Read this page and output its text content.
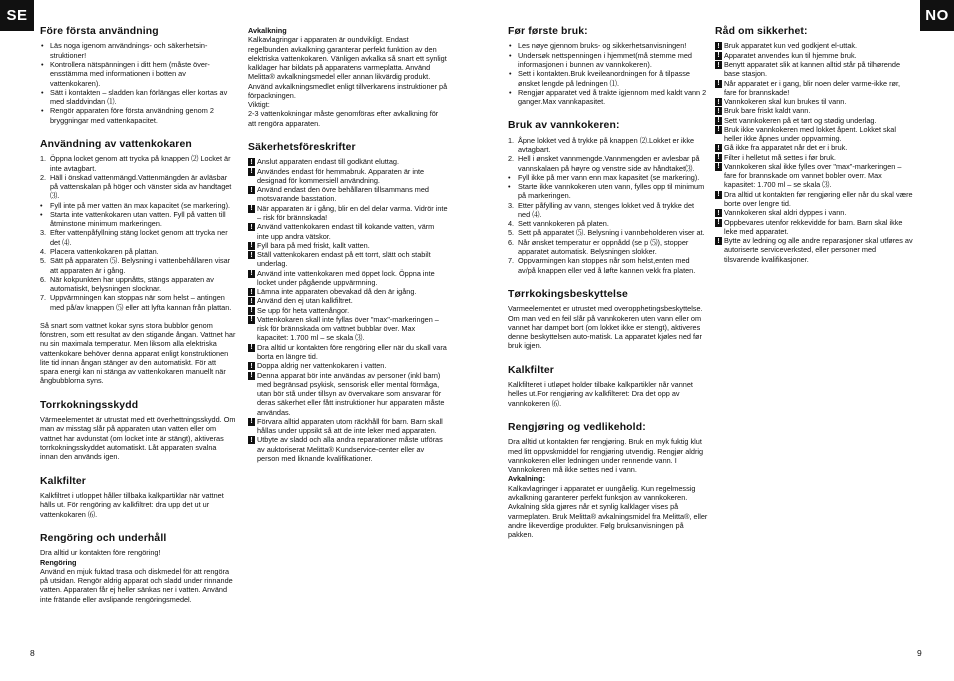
SE	NO
Före första användning
• Läs noga igenom användnings- och säkerhetsinstruktioner!
• Kontrollera nätspänningen i ditt hem (måste överensstämma med informationen i botten av vattenkokaren).
• Sätt i kontakten – sladden kan förlängas eller kortas av med sladdvindan ⑴.
• Rengör apparaten före första användning genom 2 bryggningar med vattenkapacitet.
Användning av vattenkokaren
1. Öppna locket genom att trycka på knappen ⑵ Locket är inte avtagbart.
2. Häll i önskad vattenmängd.Vattenmängden är avläsbar på vattenskalan på höger och vänster sida av handtaget ⑶.
• Fyll inte på mer vatten än max kapacitet (se markering).
• Starta inte vattenkokaren utan vatten. Fyll på vatten till åtminstone minimum markeringen.
3. Efter vattenpåfyllning stäng locket genom att trycka ner det ⑷.
4. Placera vattenkokaren på plattan.
5. Sätt på apparaten ⑸. Belysning i vattenbehållaren visar att apparaten är i gång.
6. När kokpunkten har uppnåtts, stängs apparaten av automatiskt, belysningen slocknar.
7. Uppvärmningen kan stoppas när som helst – antingen med på/av knappen ⑸ eller att lyfta kannan från plattan.

Så snart som vattnet kokar syns stora bubblor genom fönstren, som ett resultat av den stigande ångan. Vattnet har nu sin maximala temperatur. Men liksom alla elektriska vattenkokare behöver denna apparat enligt konstruktionen lite tid innan ångan stänger av den automatiskt. För att spara energi kan ni stänga av vattenkokaren manuellt när ångbubblorna syns.

Torrkokningsskydd

Värmeelementet är utrustat med ett överhettningsskydd. Om man av misstag slår på apparaten utan vatten eller om vattnet har avdunstat (om locket inte är stängt), aktiveras torrkokningsskyddet automatiskt. Låt apparaten svalna innan den används igen.

Kalkfilter

Kalkfiltret i utloppet håller tillbaka kalkpartiklar när vattnet hälls ut. För rengöring av kalkfiltret: dra upp det ut ur vattenkokaren ⑹.

Rengöring och underhåll

Dra alltid ur kontakten före rengöring!

Rengöring

Använd en mjuk fuktad trasa och diskmedel för att rengöra på utsidan. Rengör aldrig apparat och sladd under rinnande vatten. Apparaten får ej heller sänkas ner i vatten. Använd inte frätande eller avslipande rengöringsmedel.

Avkalkning

Kalkavlagringar i apparaten är oundvikligt. Endast regelbunden avkalkning garanterar perfekt funktion av den elektriska vattenkokaren. Vänligen avkalka så snart ett synligt kalklager har bildats på apparatens varmeplatta. Använd Melitta® avkalkningsmedel eller annan likvärdig produkt. Använd avkalkningsmedlet enligt tillverkarens instruktioner på förpackningen.

Viktigt:

2-3 vattenkokningar måste genomföras efter avkalkning för att rengöra apparaten.

Säkerhetsföreskrifter
! Anslut apparaten endast till godkänt eluttag.
! Användes endast för hemmabruk. Apparaten är inte designad för kommersiell användning.
! Använd endast den övre behållaren tillsammans med motsvarande basstation.
! När apparaten är i gång, blir en del delar varma. Vidrör inte – risk för brännskada!
! Använd vattenkokaren endast till kokande vatten, värm inte upp andra vätskor.
! Fyll bara på med friskt, kallt vatten.
! Ställ vattenkokaren endast på ett torrt, slätt och stabilt underlag.
! Använd inte vattenkokaren med öppet lock. Öppna inte locket under pågående uppvärmning.
! Lämna inte apparaten obevakad då den är igång.
! Använd den ej utan kalkfiltret.
! Se upp för heta vattenångor.
! Vattenkokaren skall inte fyllas över "max"-markeringen – risk för brännskada om vattnet bubblar över. Max kapacitet: 1.700 ml – se skala ⑶.
! Dra alltid ur kontakten före rengöring eller när du skall vara borta en längre tid.
! Doppa aldrig ner vattenkokaren i vatten.
! Denna apparat bör inte användas av personer (inkl barn) med begränsad psykisk, sensorisk eller mental förmåga, utan bör stå under tillsyn av övervakare som ansvarar för deras säkerhet eller fått instruktioner hur apparaten måste användas.
! Förvara alltid apparaten utom räckhåll för barn. Barn skall hållas under uppsikt så att de inte leker med apparaten.
! Utbyte av sladd och alla andra reparationer måste utföras av auktoriserat Melitta® Kundservice-center eller av person med liknande kvalifikationer.
Før første bruk:
• Les nøye gjennom bruks- og sikkerhetsanvisningen!
• Undersøk nettspenningen i hjemmet(må stemme med informasjonen i bunnen av vannkokeren).
• Sett i kontakten.Bruk kveileanordningen for å tilpasse ønsket lengde på ledningen ⑴.
• Rengjør apparatet ved å trakte igjennom med kaldt vann 2 ganger.Max vannkapasitet.
Bruk av vannkokeren:
1. Åpne lokket ved å trykke på knappen ⑵.Lokket er ikke avtagbart.
2. Hell i ønsket vannmengde.Vannmengden er avlesbar på vannskalaen på høyre og venstre side av håndtaket⑶.
• Fyll ikke på mer vann enn max kapasitet (se markering).
• Starte ikke vannkokeren uten vann, fylles opp til minimum på markeringen.
3. Etter påfylling av vann, stenges lokket ved å trykke det ned ⑷.
4. Sett vannkokeren på platen.
5. Sett på apparatet ⑸. Belysning i vannbeholderen viser at.
6. Når ønsket temperatur er oppnådd (se p ⑸), stopper apparatet automatisk. Belysningen slokker.
7. Oppvarmingen kan stoppes når som helst,enten med av/på knappen eller ved å løfte kannen vekk fra platen.
Tørrkokingsbeskyttelse

Varmeelementet er utrustet med overopphetingsbeskyttelse. Om man ved en feil slår på vannkokeren uten vann eller om vannet har dampet bort (om lokket ikke er stengt), aktiveres denne beskyttelsen auto-matisk. La apparatet kjøles ned før bruk igjen.

Kalkfilter

Kalkfilteret i utløpet holder tilbake kalkpartikler når vannet helles ut.For rengjøring av kalkfilteret: Dra det opp av vannkokeren ⑹.

Rengjøring og vedlikehold:

Dra alltid ut kontakten før rengjøring. Bruk en myk fuktig klut med litt oppvskmiddel for rengjøring utvendig. Rengjør aldrig vannkokeren eller ledningen under rennende vann. I Vannkokeren må ikke settes ned i vann.

Avkalning:

Kalkavlagringer i apparatet er uungåelig. Kun regelmessig avkalkning garanterer perfekt funksjon av vannkokeren. Avkalning skla gjøres når et synlig kalklager vises på varmeplaten. Bruk Melitta® avkalningsmidel fra Melitta®, eller andre likeverdige produkter. Følg bruksanvisningen på pakken.

Råd om sikkerhet:
! Bruk apparatet kun ved godkjent el-uttak.
! Apparatet anvendes kun til hjemme bruk.
! Benytt apparatet slik at kannen alltid står på tilhørende base stasjon.
! Når apparatet er i gang, blir noen deler varme-ikke rør, fare for brannskade!
! Vannkokeren skal kun brukes til vann.
! Bruk bare friskt kaldt vann.
! Sett vannkokeren på et tørt og stødig underlag.
! Bruk ikke vannkokeren med lokket åpent. Lokket skal heller ikke åpnes under oppvarming.
! Gå ikke fra apparatet når det er i bruk.
! Filter i helletut må settes i før bruk.
! Vannkokeren skal ikke fylles over "max"-markeringen – fare for brannskade om vannet bobler overr. Max kapasitet: 1.700 ml – se skala ⑶.
! Dra alltid ut kontakten før rengjøring eller når du skal være borte over lengre tid.
! Vannkokeren skal aldri dyppes i vann.
! Oppbevares utenfor rekkevidde for barn. Barn skal ikke leke med apparatet.
! Bytte av ledning og alle andre reparasjoner skal utføres av autoriserte serviceverksted, eller personer med tilsvarende kvalifikasjoner.
8	9
